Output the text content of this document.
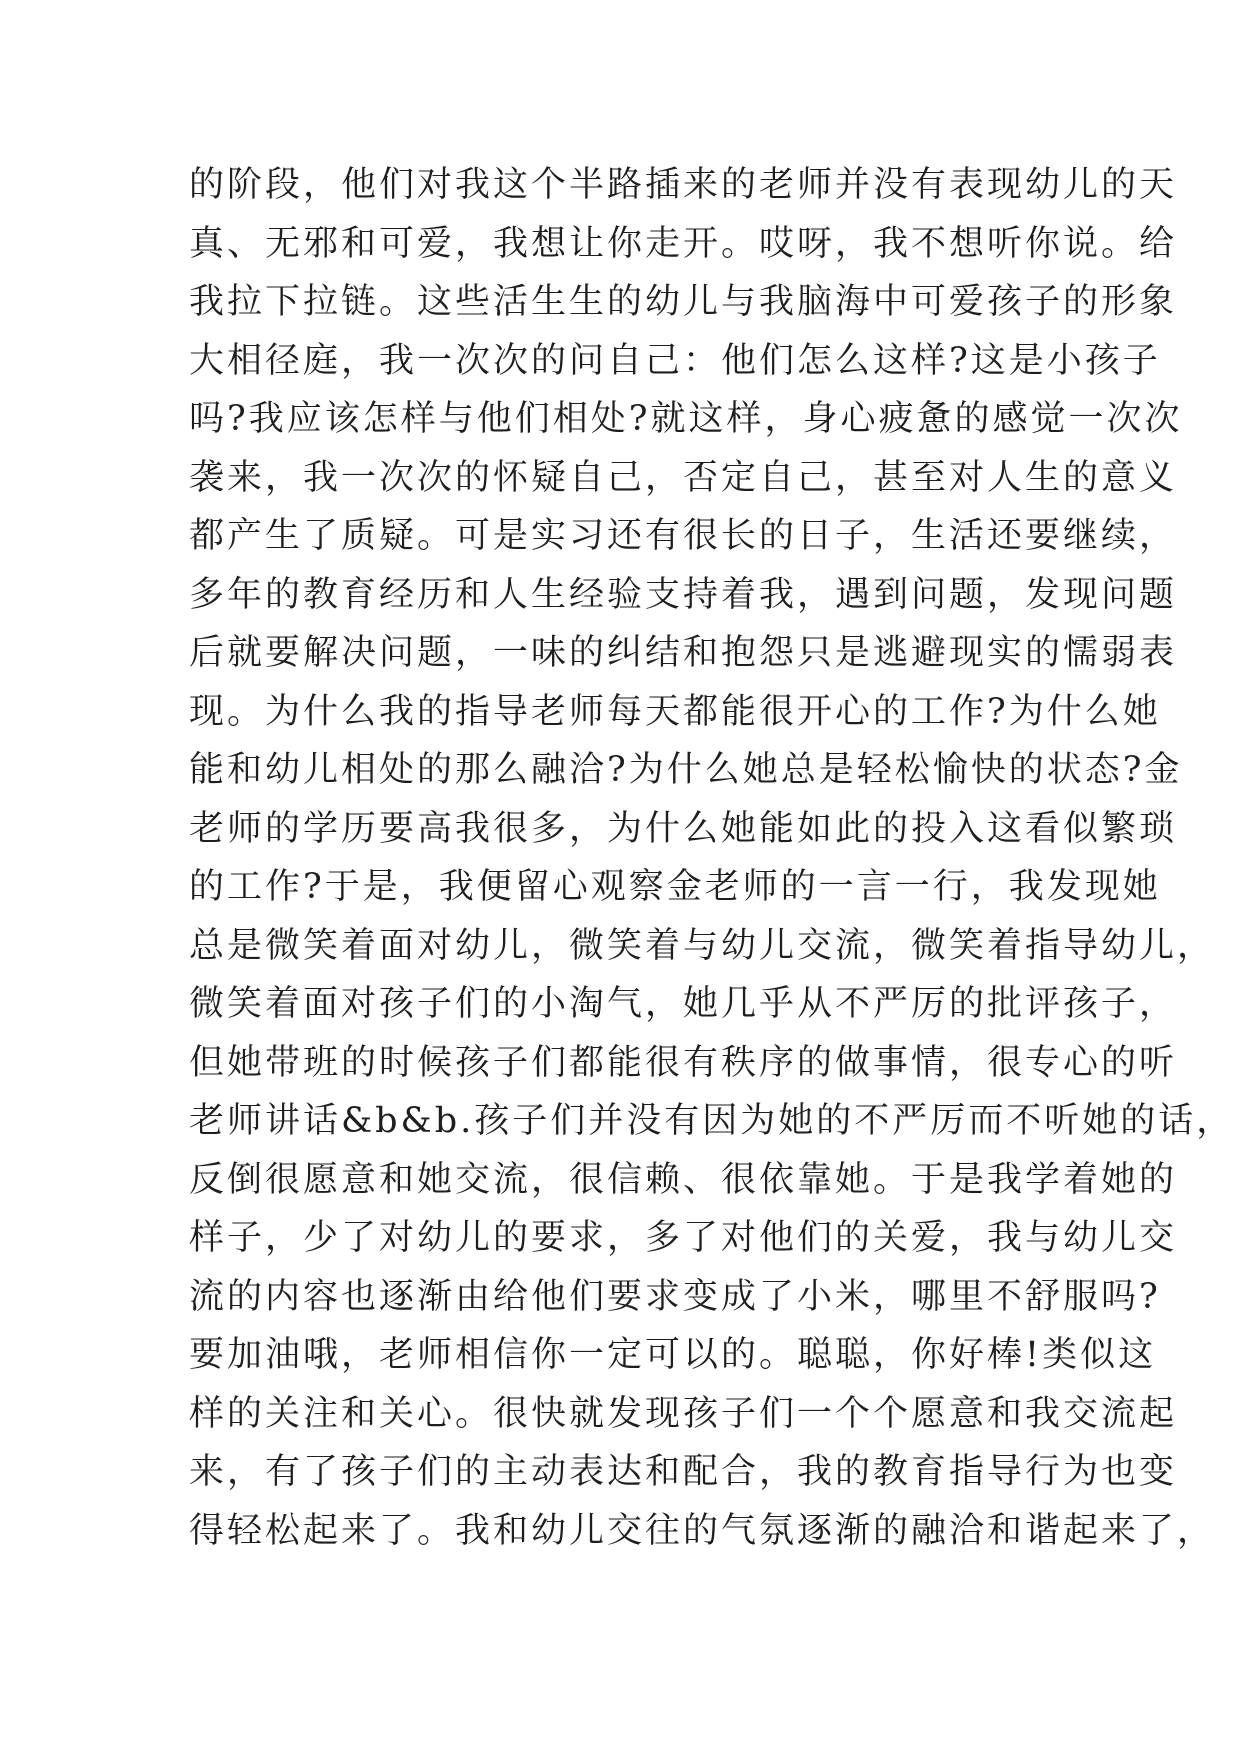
的阶段，他们对我这个半路插来的老师并没有表现幼儿的天
真、无邪和可爱，我想让你走开。哎呀，我不想听你说。给
我拉下拉链。这些活生生的幼儿与我脑海中可爱孩子的形象
大相径庭，我一次次的问自己：他们怎么这样?这是小孩子
吗?我应该怎样与他们相处?就这样，身心疲惫的感觉一次次
袭来，我一次次的怀疑自己，否定自己，甚至对人生的意义
都产生了质疑。可是实习还有很长的日子，生活还要继续，
多年的教育经历和人生经验支持着我，遇到问题，发现问题
后就要解决问题，一味的纠结和抱怨只是逃避现实的懦弱表
现。为什么我的指导老师每天都能很开心的工作?为什么她
能和幼儿相处的那么融洽?为什么她总是轻松愉快的状态?金
老师的学历要高我很多，为什么她能如此的投入这看似繁琐
的工作?于是，我便留心观察金老师的一言一行，我发现她
总是微笑着面对幼儿，微笑着与幼儿交流，微笑着指导幼儿，
微笑着面对孩子们的小淘气，她几乎从不严厉的批评孩子，
但她带班的时候孩子们都能很有秩序的做事情，很专心的听
老师讲话&b&b.孩子们并没有因为她的不严厉而不听她的话，
反倒很愿意和她交流，很信赖、很依靠她。于是我学着她的
样子，少了对幼儿的要求，多了对他们的关爱，我与幼儿交
流的内容也逐渐由给他们要求变成了小米，哪里不舒服吗?
要加油哦，老师相信你一定可以的。聪聪，你好棒!类似这
样的关注和关心。很快就发现孩子们一个个愿意和我交流起
来，有了孩子们的主动表达和配合，我的教育指导行为也变
得轻松起来了。我和幼儿交往的气氛逐渐的融洽和谐起来了，
